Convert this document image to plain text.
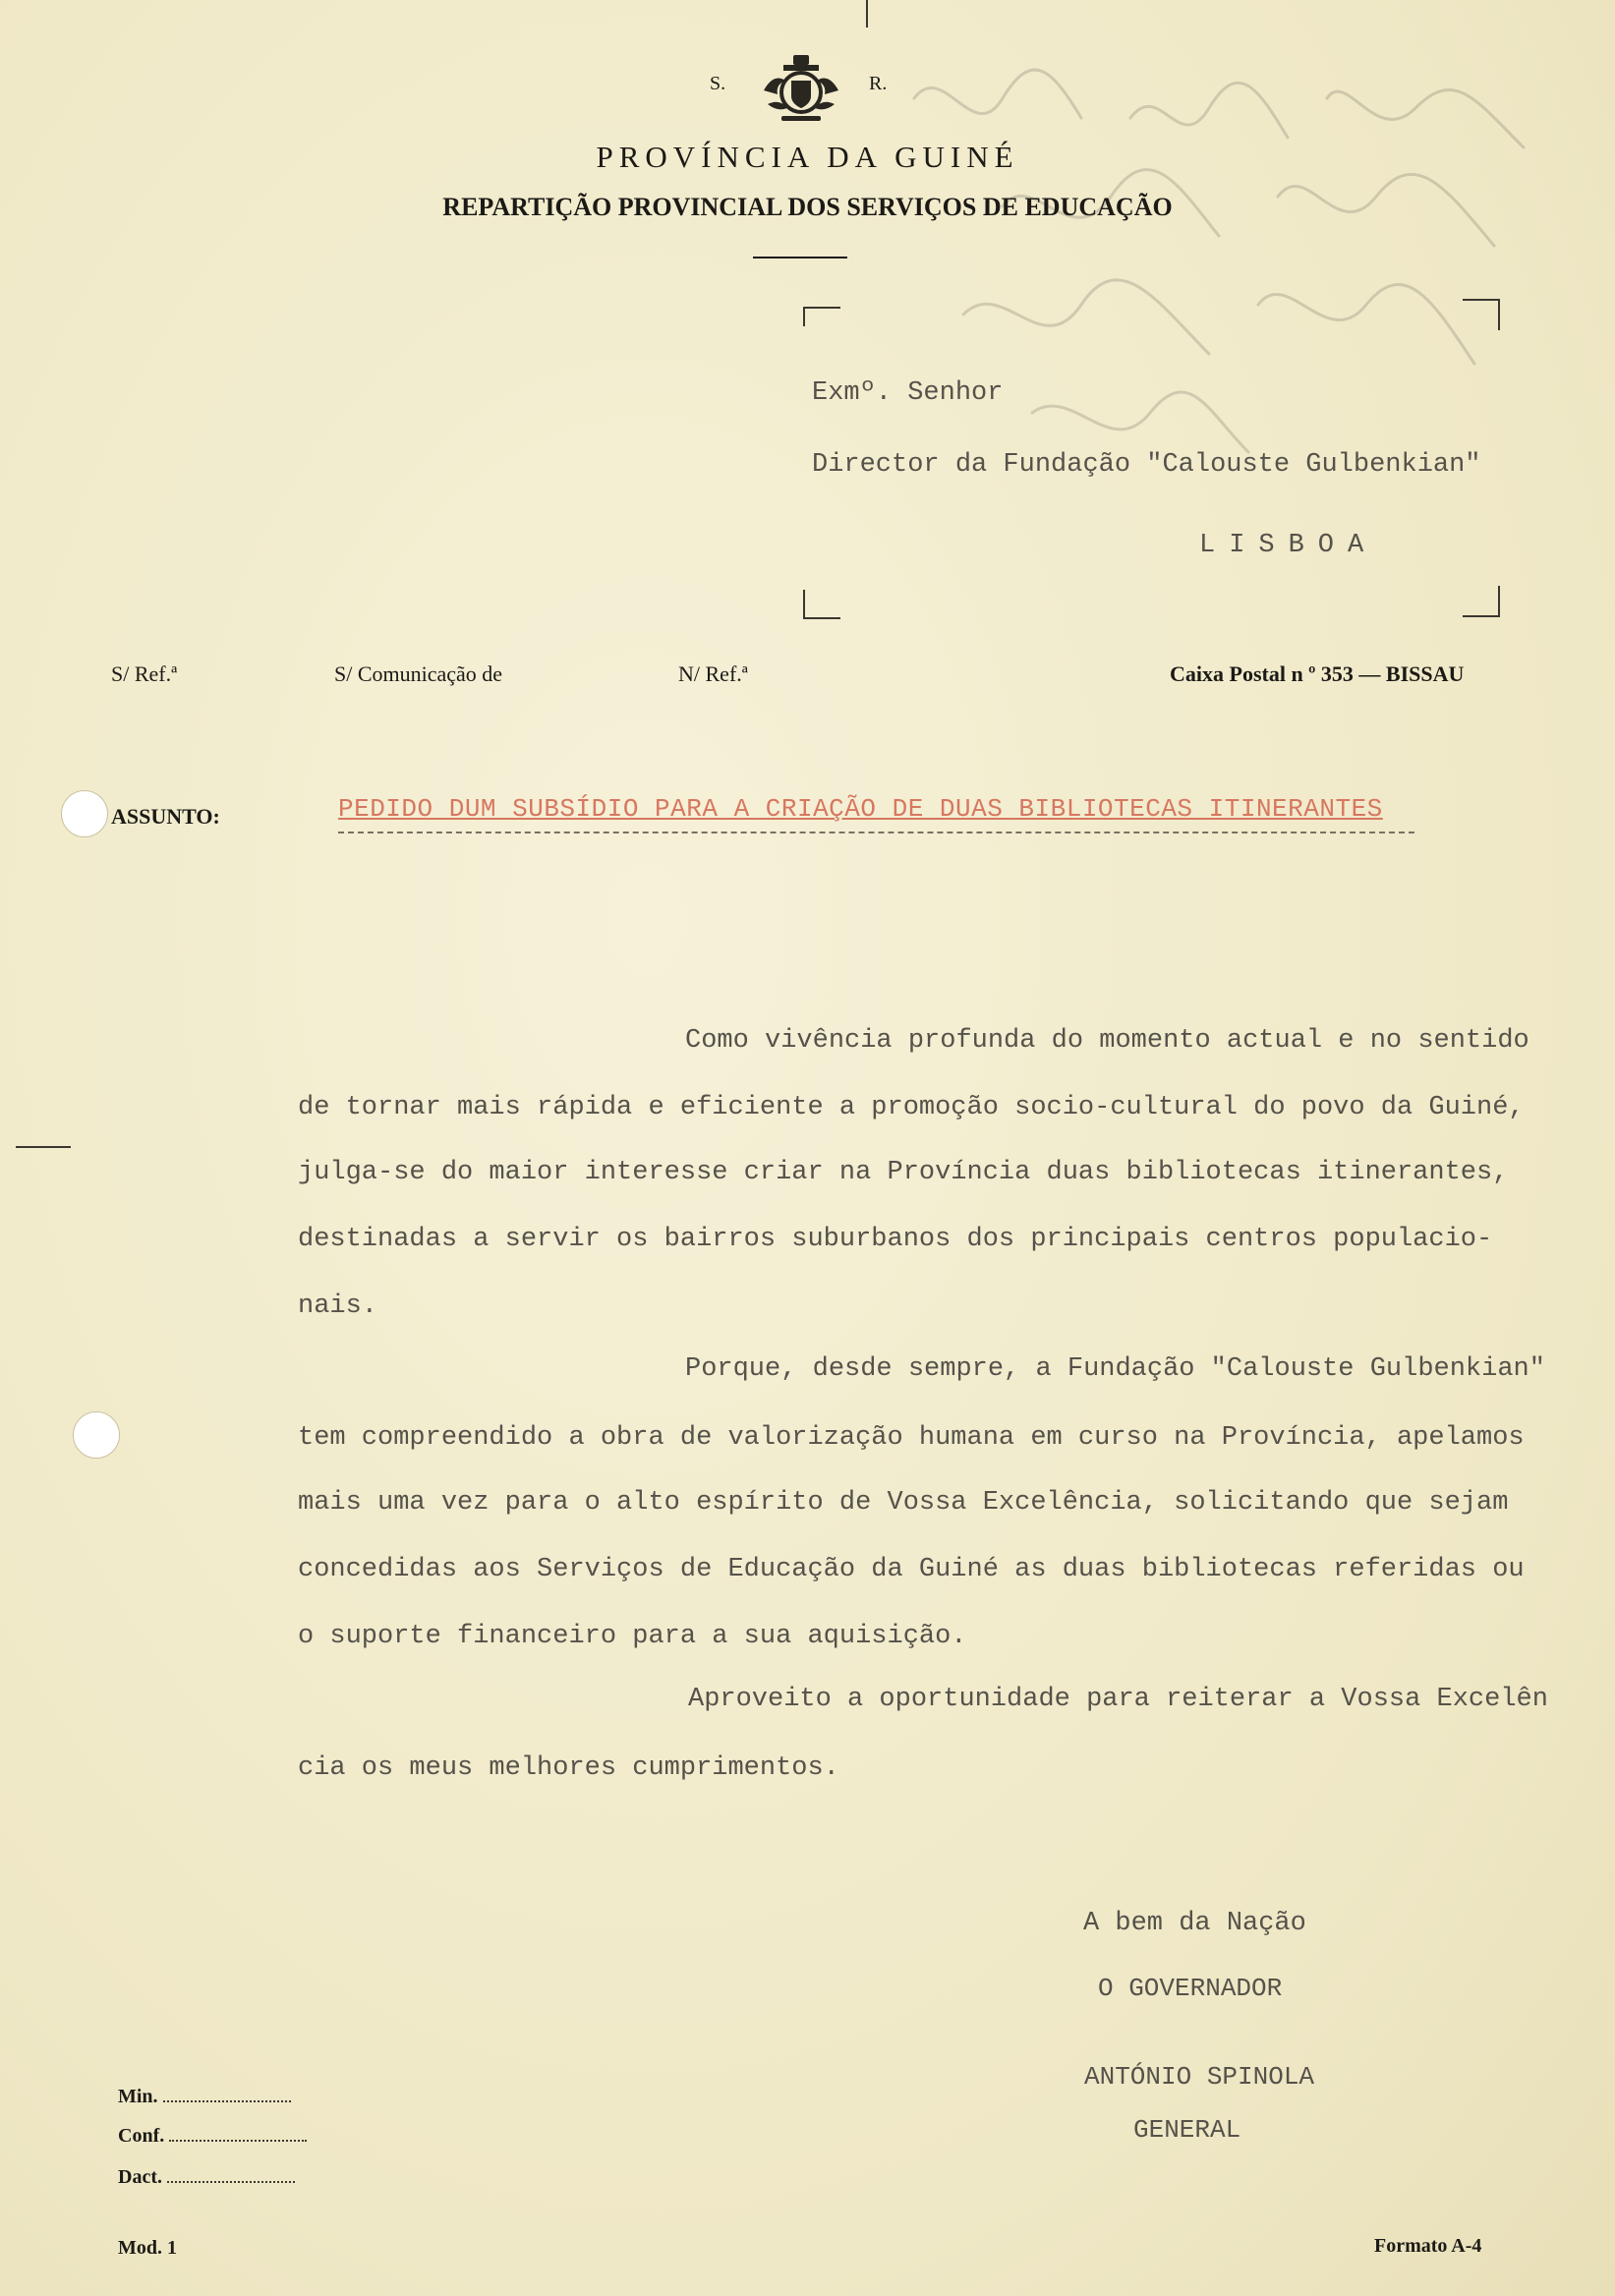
S.	R.
PROVÍNCIA DA GUINÉ
REPARTIÇÃO PROVINCIAL DOS SERVIÇOS DE EDUCAÇÃO
Exmº. Senhor
Director da Fundação "Calouste Gulbenkian"
LISBOA
S/ Ref.ª	S/ Comunicação de	N/ Ref.ª	Caixa Postal n º 353 — BISSAU
ASSUNTO:	PEDIDO DUM SUBSÍDIO PARA A CRIAÇÃO DE DUAS BIBLIOTECAS ITINERANTES
Como vivência profunda do momento actual e no sentido
de tornar mais rápida e eficiente a promoção socio-cultural do povo da Guiné,
julga-se do maior interesse criar na Província duas bibliotecas itinerantes,
destinadas a servir os bairros suburbanos dos principais centros populacio-
nais.
Porque, desde sempre, a Fundação "Calouste Gulbenkian"
tem compreendido a obra de valorização humana em curso na Província, apelamos
mais uma vez para o alto espírito de Vossa Excelência, solicitando que sejam
concedidas aos Serviços de Educação da Guiné as duas bibliotecas referidas ou
o suporte financeiro para a sua aquisição.
Aproveito a oportunidade para reiterar a Vossa Excelên
cia os meus melhores cumprimentos.
A bem da Nação
O GOVERNADOR
ANTÓNIO SPINOLA
GENERAL
Min.
Conf.
Dact.
Mod. 1	Formato A-4
